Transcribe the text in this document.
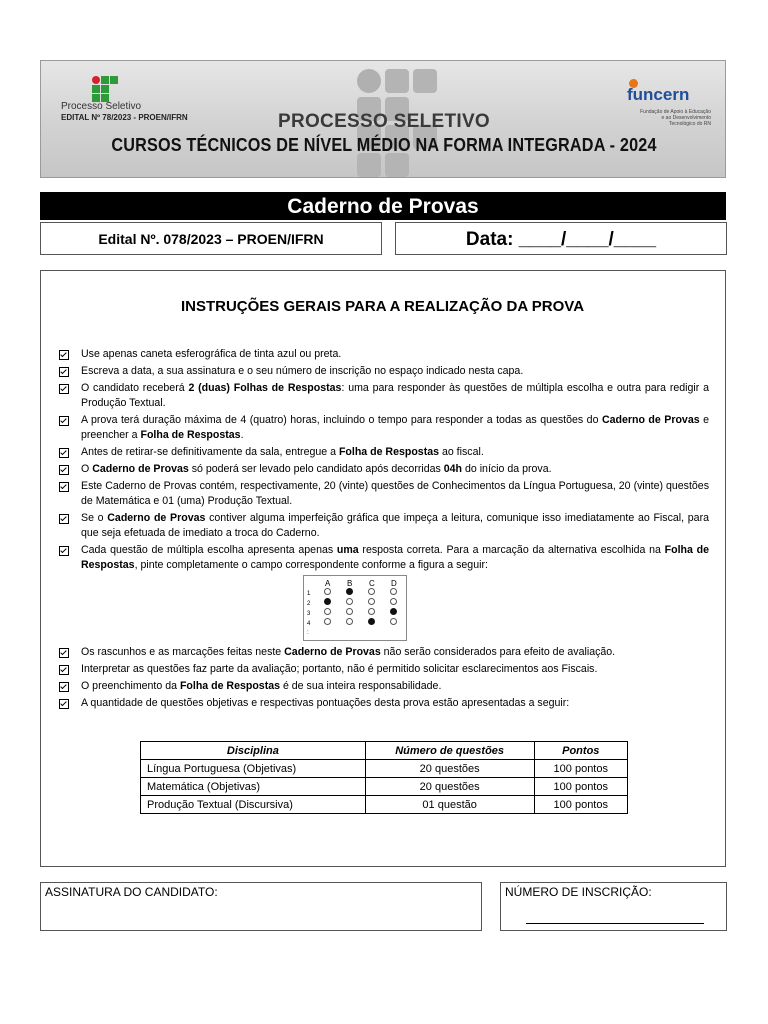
Processo Seletivo
EDITAL Nº 78/2023 - PROEN/IFRN	PROCESSO SELETIVO
CURSOS TÉCNICOS DE NÍVEL MÉDIO NA FORMA INTEGRADA - 2024
funcern
Fundação de Apoio à Educação e ao Desenvolvimento Tecnológico do RN
Caderno de Provas
Edital Nº. 078/2023 – PROEN/IFRN	Data: ____/____/____
INSTRUÇÕES GERAIS PARA A REALIZAÇÃO DA PROVA
Use apenas caneta esferográfica de tinta azul ou preta.
Escreva a data, a sua assinatura e o seu número de inscrição no espaço indicado nesta capa.
O candidato receberá 2 (duas) Folhas de Respostas: uma para responder às questões de múltipla escolha e outra para redigir a Produção Textual.
A prova terá duração máxima de 4 (quatro) horas, incluindo o tempo para responder a todas as questões do Caderno de Provas e preencher a Folha de Respostas.
Antes de retirar-se definitivamente da sala, entregue a Folha de Respostas ao fiscal.
O Caderno de Provas só poderá ser levado pelo candidato após decorridas 04h do início da prova.
Este Caderno de Provas contém, respectivamente, 20 (vinte) questões de Conhecimentos da Língua Portuguesa, 20 (vinte) questões de Matemática e 01 (uma) Produção Textual.
Se o Caderno de Provas contiver alguma imperfeição gráfica que impeça a leitura, comunique isso imediatamente ao Fiscal, para que seja efetuada de imediato a troca do Caderno.
Cada questão de múltipla escolha apresenta apenas uma resposta correta. Para a marcação da alternativa escolhida na Folha de Respostas, pinte completamente o campo correspondente conforme a figura a seguir:
A B C D
1
2
3
4
:
Os rascunhos e as marcações feitas neste Caderno de Provas não serão considerados para efeito de avaliação.
Interpretar as questões faz parte da avaliação; portanto, não é permitido solicitar esclarecimentos aos Fiscais.
O preenchimento da Folha de Respostas é de sua inteira responsabilidade.
A quantidade de questões objetivas e respectivas pontuações desta prova estão apresentadas a seguir:
Disciplina	Número de questões	Pontos
Língua Portuguesa (Objetivas)	20 questões	100 pontos
Matemática (Objetivas)	20 questões	100 pontos
Produção Textual (Discursiva)	01 questão	100 pontos
ASSINATURA DO CANDIDATO:	NÚMERO DE INSCRIÇÃO:
